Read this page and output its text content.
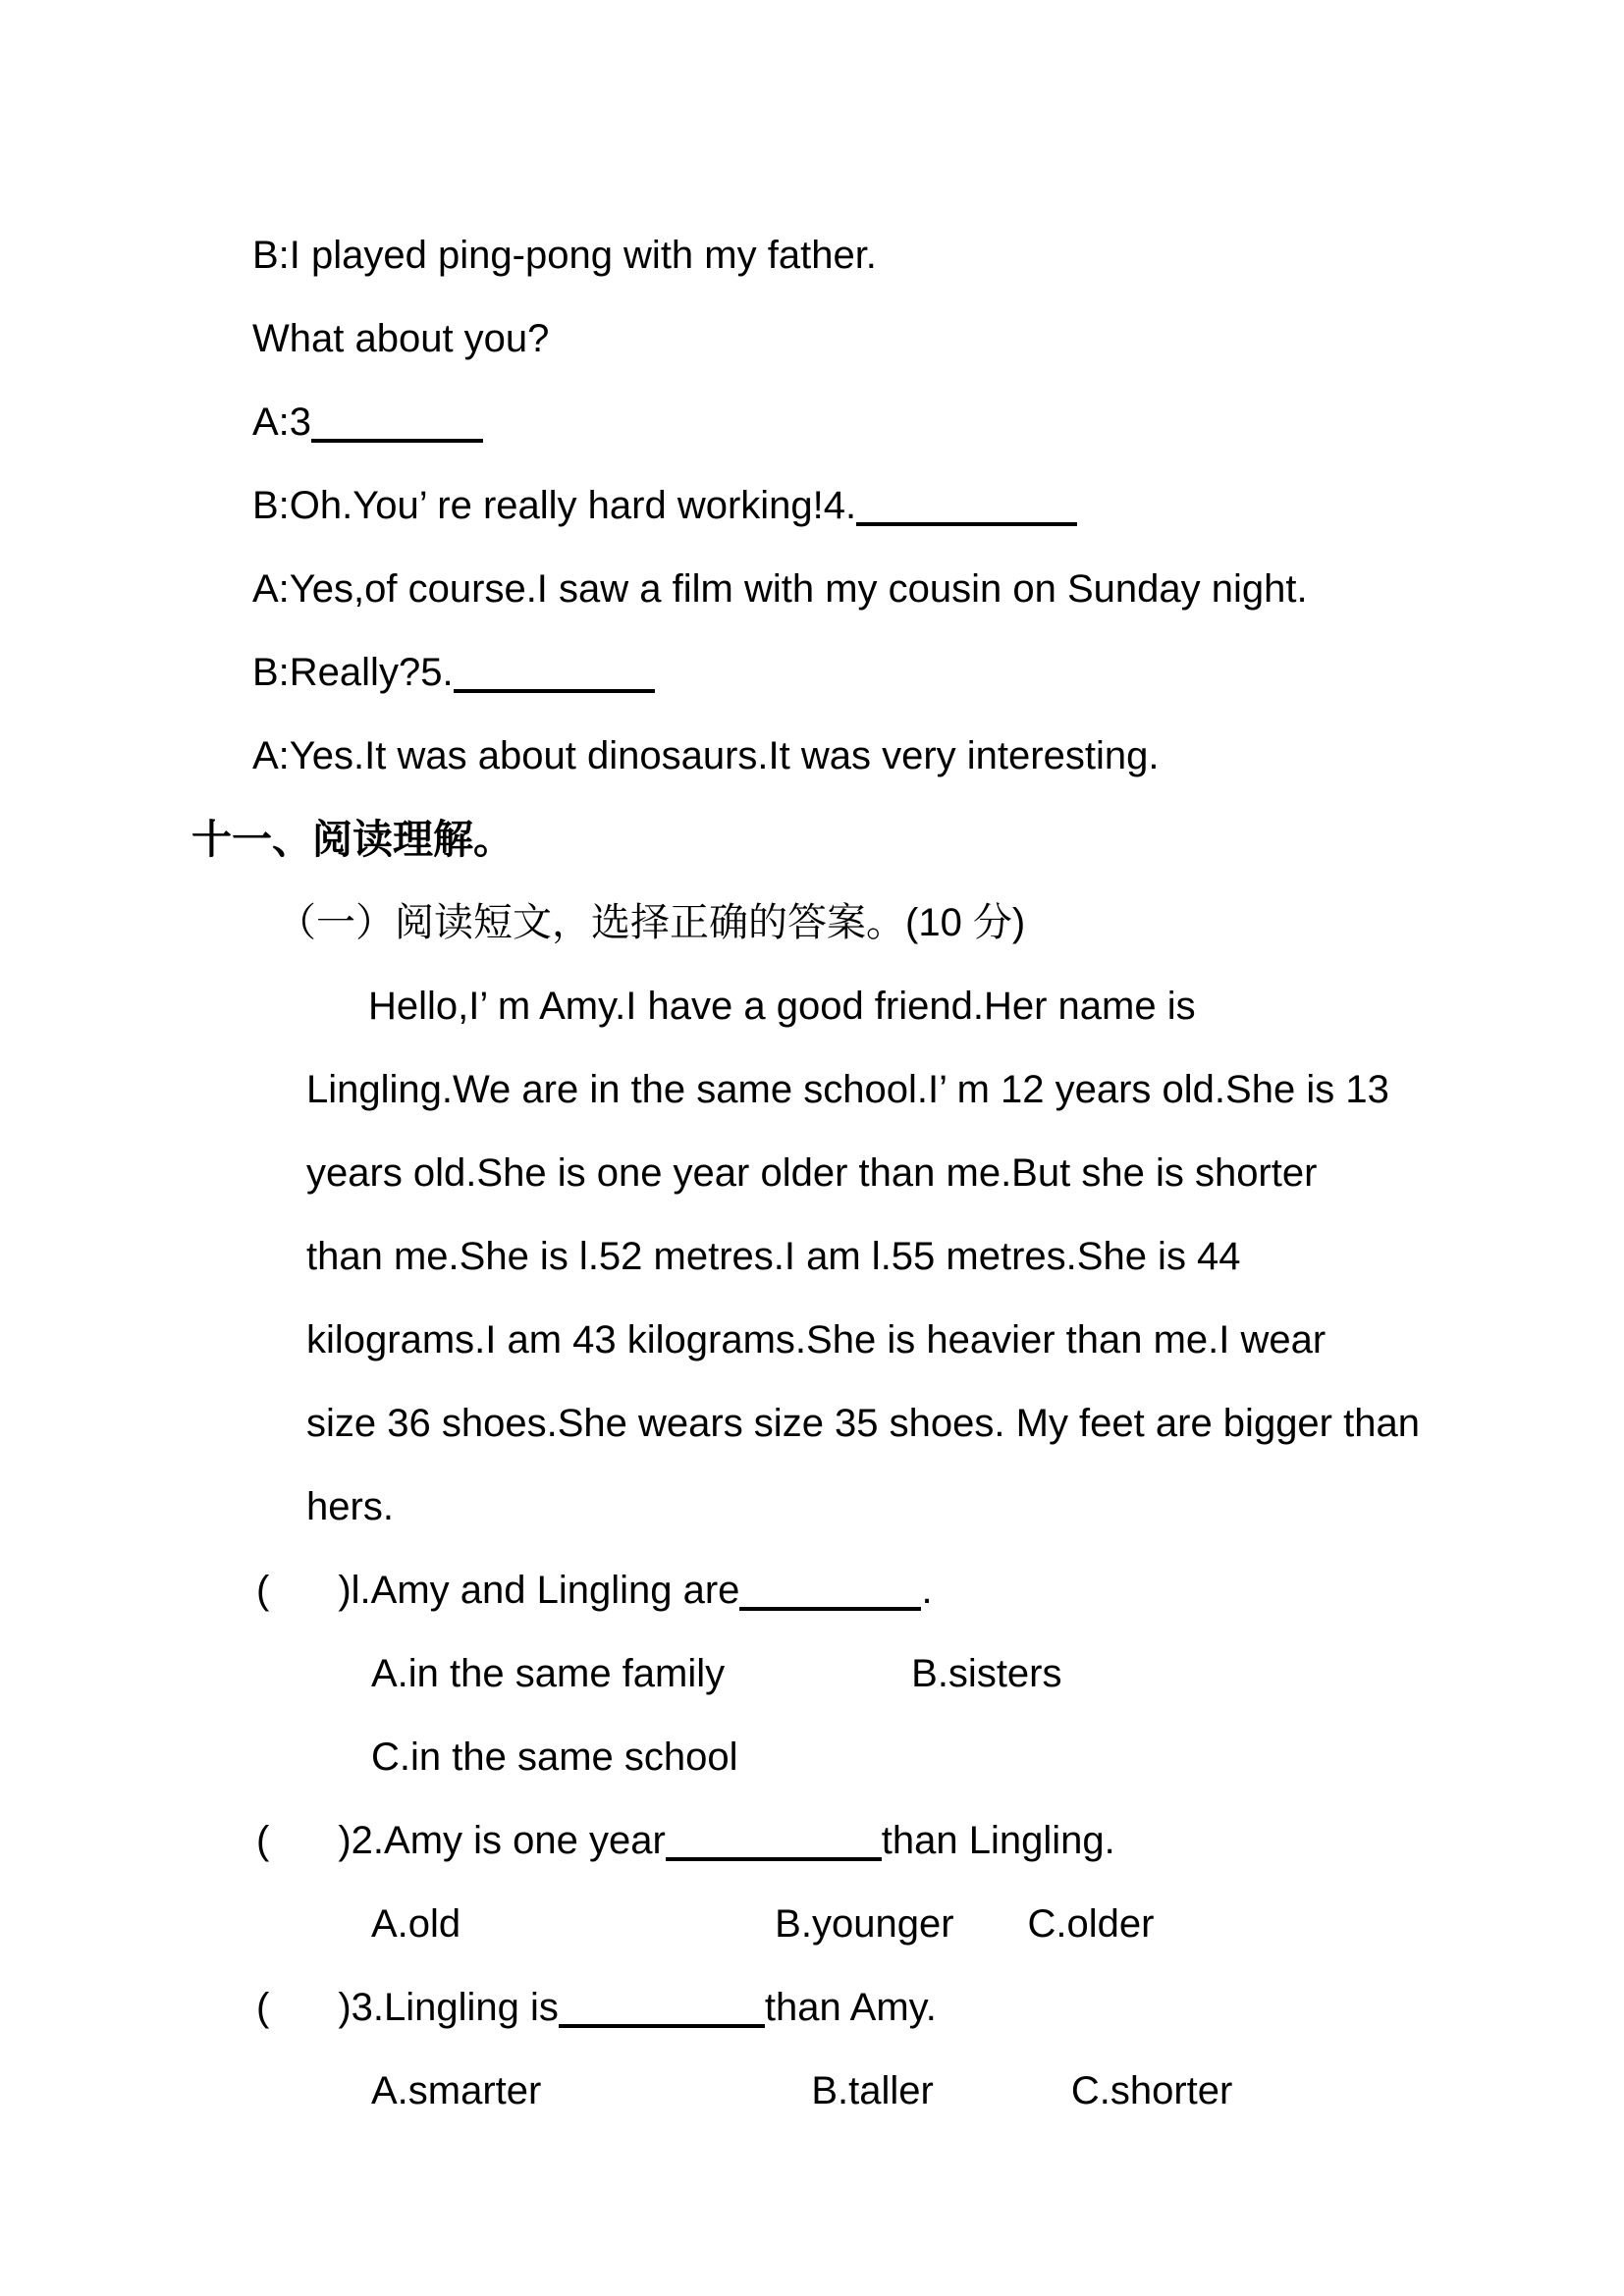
B:I played ping-pong with my father.
What about you?
A:3
B:Oh.You’ re really hard working!4.
A:Yes,of course.I saw a film with my cousin on Sunday night.
B:Really?5.
A:Yes.It was about dinosaurs.It was very interesting.
十一、阅读理解。
（一）阅读短文，选择正确的答案。(10 分)
Hello,I’ m Amy.I have a good friend.Her name is
Lingling.We are in the same school.I’ m 12 years old.She is 13
years old.She is one year older than me.But she is shorter
than me.She is l.52 metres.I am l.55 metres.She is 44
kilograms.I am 43 kilograms.She is heavier than me.I wear
size 36 shoes.She wears size 35 shoes. My feet are bigger than
hers.
( )l.Amy and Lingling are	.
A.in the same family	B.sisters
C.in the same school
( )2.Amy is one year	than Lingling.
A.old	B.younger C.older
( )3.Lingling is	than Amy.
A.smarter	B.taller	C.shorter
